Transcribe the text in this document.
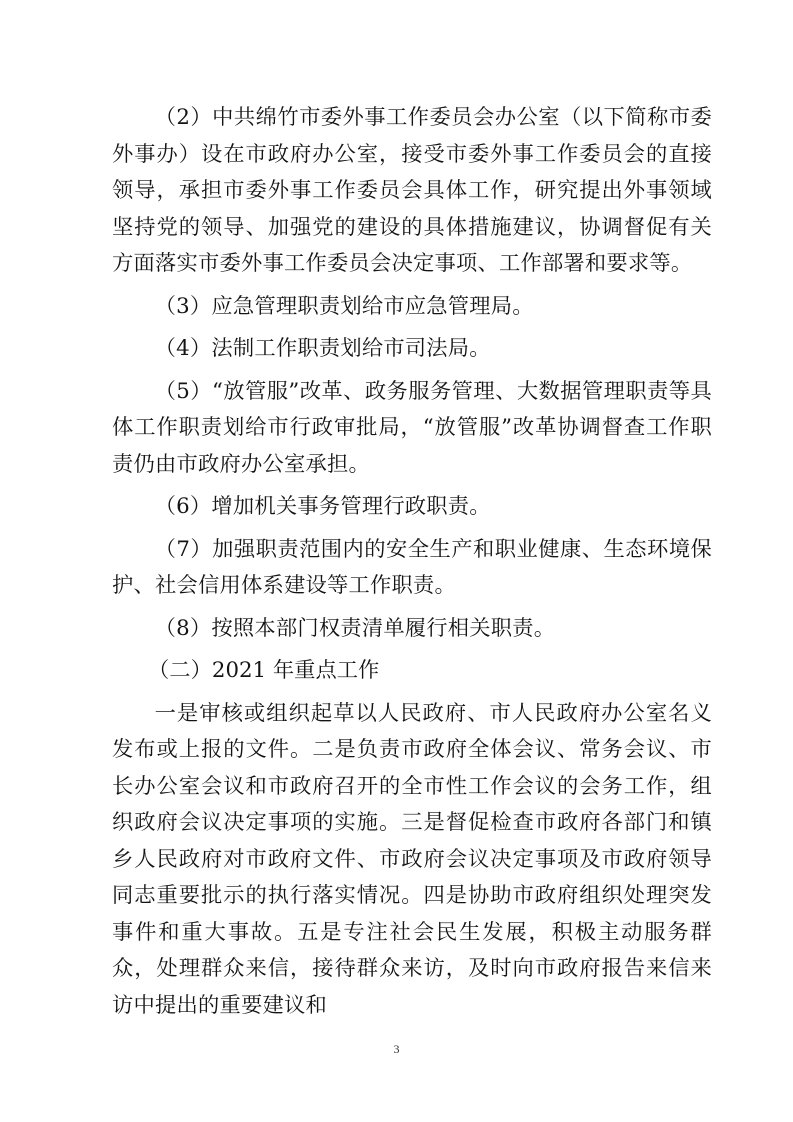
（2）中共绵竹市委外事工作委员会办公室（以下简称市委外事办）设在市政府办公室，接受市委外事工作委员会的直接领导，承担市委外事工作委员会具体工作，研究提出外事领域坚持党的领导、加强党的建设的具体措施建议，协调督促有关方面落实市委外事工作委员会决定事项、工作部署和要求等。

（3）应急管理职责划给市应急管理局。

（4）法制工作职责划给市司法局。

（5）“放管服”改革、政务服务管理、大数据管理职责等具体工作职责划给市行政审批局，“放管服”改革协调督查工作职责仍由市政府办公室承担。

（6）增加机关事务管理行政职责。

（7）加强职责范围内的安全生产和职业健康、生态环境保护、社会信用体系建设等工作职责。

（8）按照本部门权责清单履行相关职责。

（二）2021 年重点工作

一是审核或组织起草以人民政府、市人民政府办公室名义发布或上报的文件。二是负责市政府全体会议、常务会议、市长办公室会议和市政府召开的全市性工作会议的会务工作，组织政府会议决定事项的实施。三是督促检查市政府各部门和镇乡人民政府对市政府文件、市政府会议决定事项及市政府领导同志重要批示的执行落实情况。四是协助市政府组织处理突发事件和重大事故。五是专注社会民生发展，积极主动服务群众，处理群众来信，接待群众来访，及时向市政府报告来信来访中提出的重要建议和

3
